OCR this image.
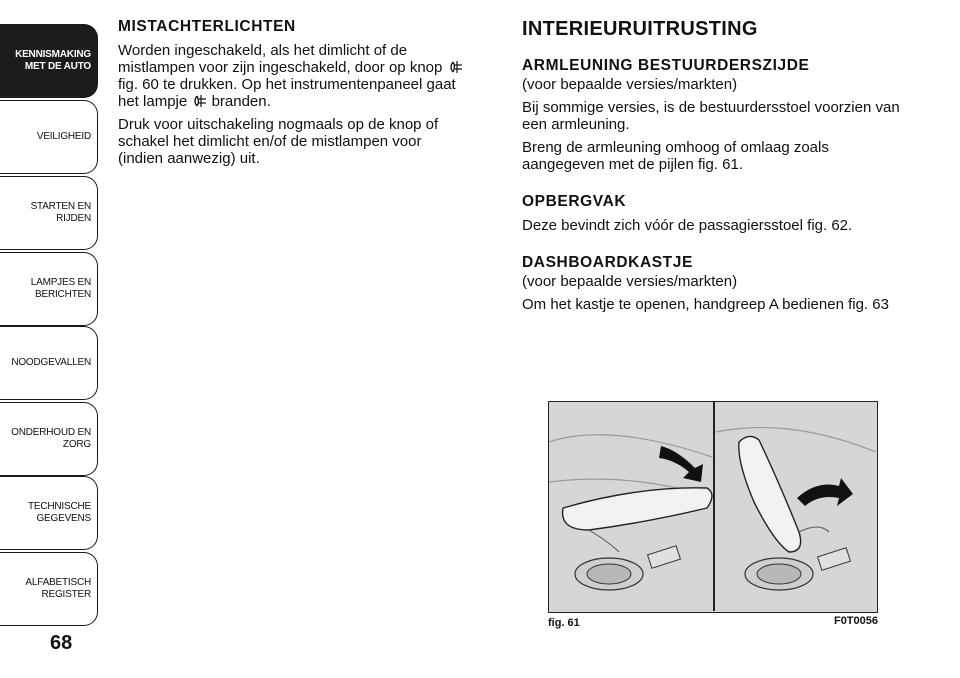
KENNISMAKING
MET DE AUTO
VEILIGHEID
STARTEN EN RIJDEN
LAMPJES EN
BERICHTEN
NOODGEVALLEN
ONDERHOUD EN
ZORG
TECHNISCHE
GEGEVENS
ALFABETISCH
REGISTER
68
MISTACHTERLICHTEN

Worden ingeschakeld, als het dimlicht of de mistlampen voor zijn ingeschakeld, door op knop  fig. 60 te drukken. Op het instrumentenpaneel gaat het lampje branden.

Druk voor uitschakeling nogmaals op de knop of schakel het dimlicht en/of de mistlampen voor (indien aanwezig) uit.

INTERIEURUITRUSTING
ARMLEUNING BESTUURDERSZIJDE

(voor bepaalde versies/markten)

Bij sommige versies, is de bestuurdersstoel voorzien van een armleuning.

Breng de armleuning omhoog of omlaag zoals aangegeven met de pijlen fig. 61.

OPBERGVAK

Deze bevindt zich vóór de passagiersstoel fig. 62.

DASHBOARDKASTJE

(voor bepaalde versies/markten)

Om het kastje te openen, handgreep A bedienen fig. 63

fig. 61	F0T0056
